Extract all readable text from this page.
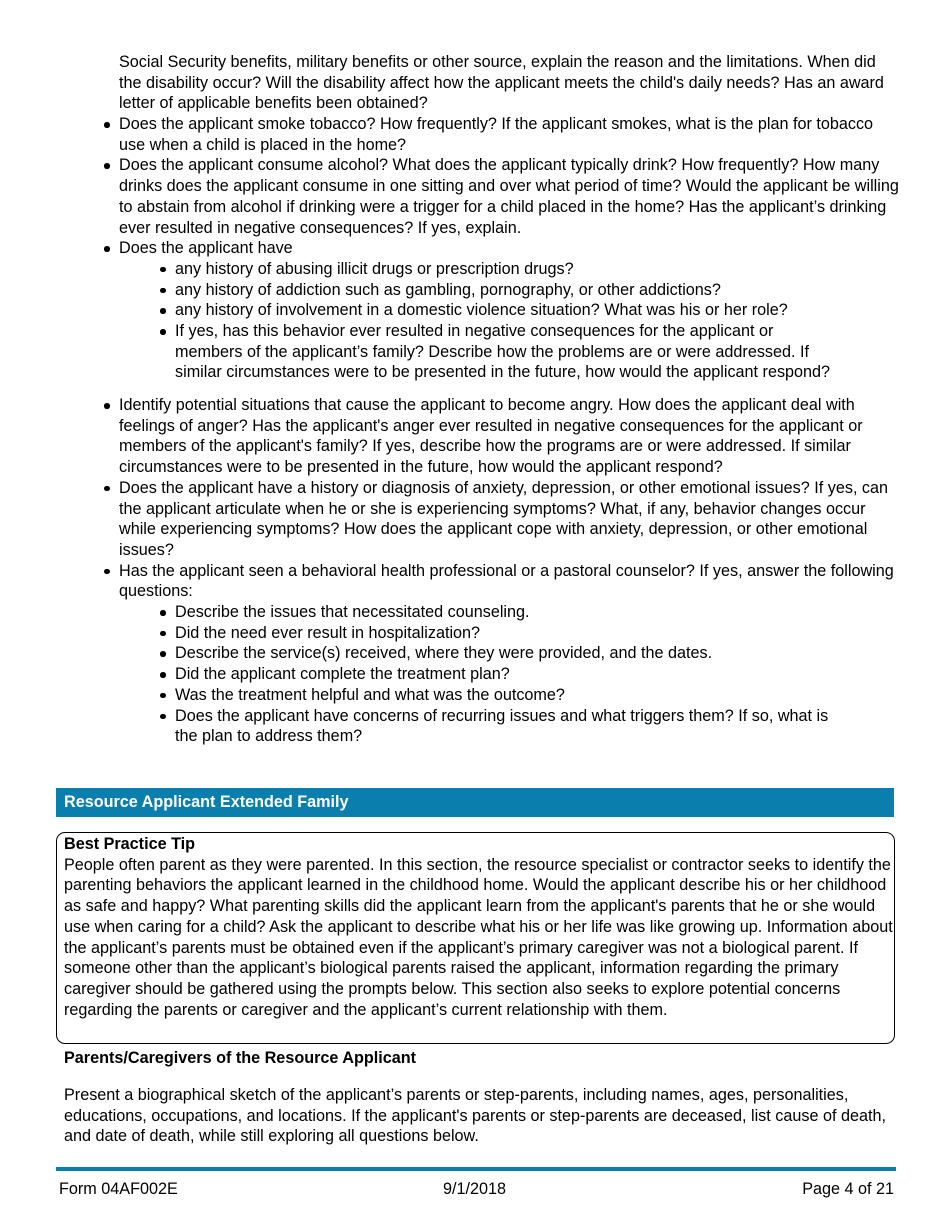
Social Security benefits, military benefits or other source, explain the reason and the limitations. When did the disability occur? Will the disability affect how the applicant meets the child's daily needs? Has an award letter of applicable benefits been obtained?
Does the applicant smoke tobacco? How frequently? If the applicant smokes, what is the plan for tobacco use when a child is placed in the home?
Does the applicant consume alcohol? What does the applicant typically drink? How frequently? How many drinks does the applicant consume in one sitting and over what period of time? Would the applicant be willing to abstain from alcohol if drinking were a trigger for a child placed in the home? Has the applicant’s drinking ever resulted in negative consequences? If yes, explain.
Does the applicant have
any history of abusing illicit drugs or prescription drugs?
any history of addiction such as gambling, pornography, or other addictions?
any history of involvement in a domestic violence situation? What was his or her role?
If yes, has this behavior ever resulted in negative consequences for the applicant or members of the applicant’s family? Describe how the problems are or were addressed. If similar circumstances were to be presented in the future, how would the applicant respond?
Identify potential situations that cause the applicant to become angry. How does the applicant deal with feelings of anger? Has the applicant's anger ever resulted in negative consequences for the applicant or members of the applicant's family? If yes, describe how the programs are or were addressed. If similar circumstances were to be presented in the future, how would the applicant respond?
Does the applicant have a history or diagnosis of anxiety, depression, or other emotional issues? If yes, can the applicant articulate when he or she is experiencing symptoms? What, if any, behavior changes occur while experiencing symptoms? How does the applicant cope with anxiety, depression, or other emotional issues?
Has the applicant seen a behavioral health professional or a pastoral counselor? If yes, answer the following questions:
Describe the issues that necessitated counseling.
Did the need ever result in hospitalization?
Describe the service(s) received, where they were provided, and the dates.
Did the applicant complete the treatment plan?
Was the treatment helpful and what was the outcome?
Does the applicant have concerns of recurring issues and what triggers them? If so, what is the plan to address them?
Resource Applicant Extended Family
Best Practice Tip
People often parent as they were parented. In this section, the resource specialist or contractor seeks to identify the parenting behaviors the applicant learned in the childhood home. Would the applicant describe his or her childhood as safe and happy? What parenting skills did the applicant learn from the applicant's parents that he or she would use when caring for a child? Ask the applicant to describe what his or her life was like growing up. Information about the applicant’s parents must be obtained even if the applicant’s primary caregiver was not a biological parent. If someone other than the applicant’s biological parents raised the applicant, information regarding the primary caregiver should be gathered using the prompts below. This section also seeks to explore potential concerns regarding the parents or caregiver and the applicant’s current relationship with them.
Parents/Caregivers of the Resource Applicant
Present a biographical sketch of the applicant’s parents or step-parents, including names, ages, personalities, educations, occupations, and locations. If the applicant's parents or step-parents are deceased, list cause of death, and date of death, while still exploring all questions below.
Form 04AF002E	9/1/2018	Page 4 of 21
